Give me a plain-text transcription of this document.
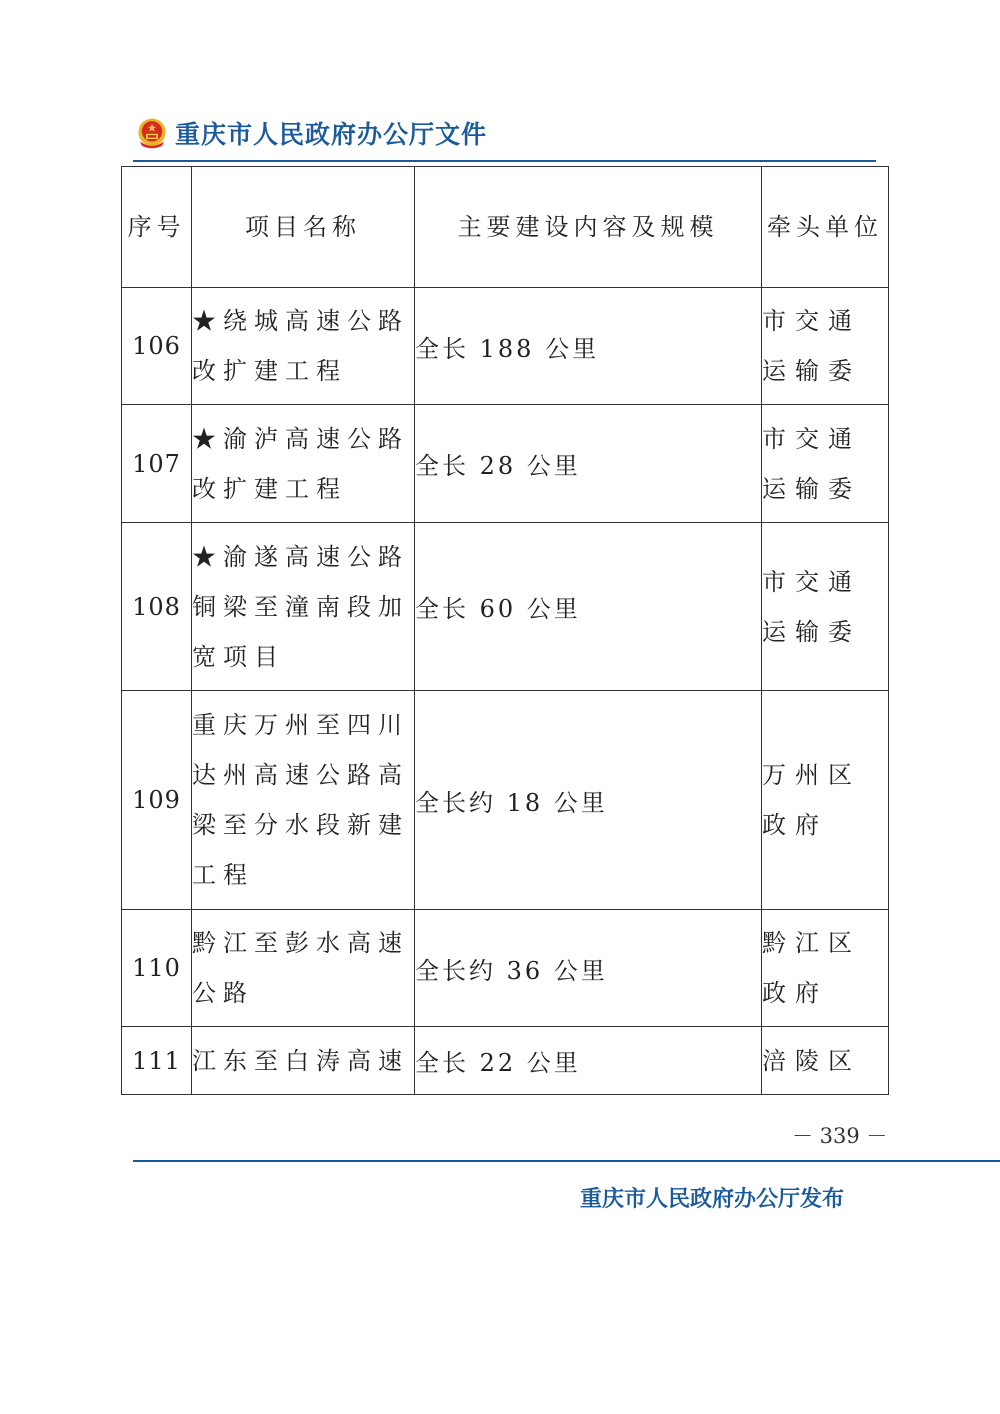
重庆市人民政府办公厅文件
序号	项目名称	主要建设内容及规模	牵头单位
106	★绕城高速公路改扩建工程	全长 188 公里	市交通运输委
107	★渝泸高速公路改扩建工程	全长 28 公里	市交通运输委
108	★渝遂高速公路铜梁至潼南段加宽项目	全长 60 公里	市交通运输委
109	重庆万州至四川达州高速公路高梁至分水段新建工程	全长约 18 公里	万州区政府
110	黔江至彭水高速公路	全长约 36 公里	黔江区政府
111	江东至白涛高速	全长 22 公里	涪陵区
－ 339 －
重庆市人民政府办公厅发布
